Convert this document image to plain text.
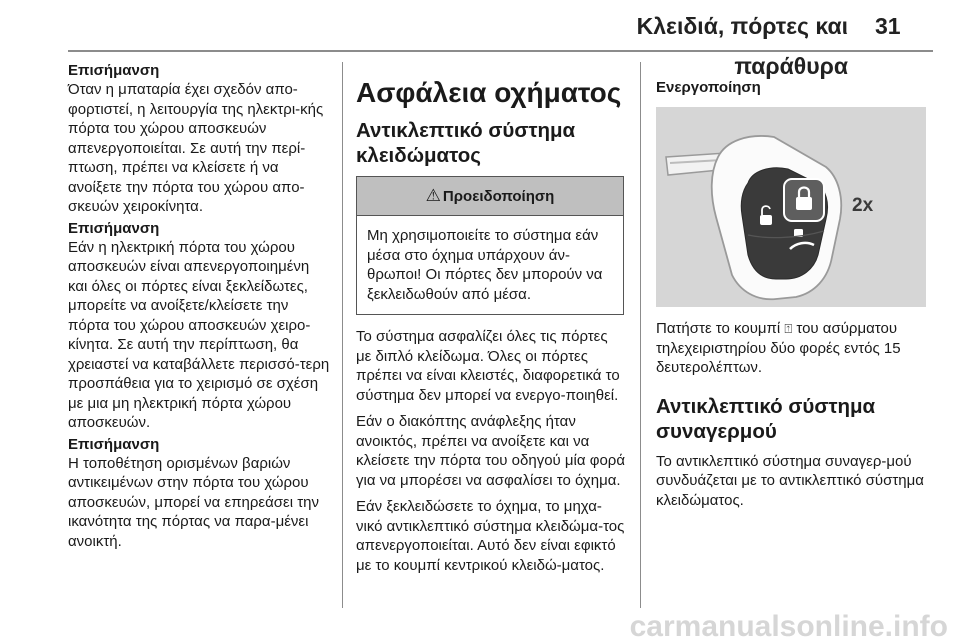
Κλειδιά, πόρτες και παράθυρα
31

Επισήμανση

Όταν η μπαταρία έχει σχεδόν απο-φορτιστεί, η λειτουργία της ηλεκτρι-κής πόρτα του χώρου αποσκευών απενεργοποιείται. Σε αυτή την περί-πτωση, πρέπει να κλείσετε ή να ανοίξετε την πόρτα του χώρου απο-σκευών χειροκίνητα.

Επισήμανση

Εάν η ηλεκτρική πόρτα του χώρου αποσκευών είναι απενεργοποιημένη και όλες οι πόρτες είναι ξεκλείδωτες, μπορείτε να ανοίξετε/κλείσετε την πόρτα του χώρου αποσκευών χειρο-κίνητα. Σε αυτή την περίπτωση, θα χρειαστεί να καταβάλλετε περισσό-τερη προσπάθεια για το χειρισμό σε σχέση με μια μη ηλεκτρική πόρτα χώρου αποσκευών.

Επισήμανση

Η τοποθέτηση ορισμένων βαριών αντικειμένων στην πόρτα του χώρου αποσκευών, μπορεί να επηρεάσει την ικανότητα της πόρτας να παρα-μένει ανοικτή.

Ασφάλεια οχήματος
Αντικλεπτικό σύστημα κλειδώματος
⚠ Προειδοποίηση
Μη χρησιμοποιείτε το σύστημα εάν μέσα στο όχημα υπάρχουν άν-θρωποι! Οι πόρτες δεν μπορούν να ξεκλειδωθούν από μέσα.

Το σύστημα ασφαλίζει όλες τις πόρτες με διπλό κλείδωμα. Όλες οι πόρτες πρέπει να είναι κλειστές, διαφορετικά το σύστημα δεν μπορεί να ενεργο-ποιηθεί.

Εάν ο διακόπτης ανάφλεξης ήταν ανοικτός, πρέπει να ανοίξετε και να κλείσετε την πόρτα του οδηγού μία φορά για να μπορέσει να ασφαλίσει το όχημα.

Εάν ξεκλειδώσετε το όχημα, το μηχα-νικό αντικλεπτικό σύστημα κλειδώμα-τος απενεργοποιείται. Αυτό δεν είναι εφικτό με το κουμπί κεντρικού κλειδώ-ματος.

Ενεργοποίηση
2x

Πατήστε το κουμπί ⍐ του ασύρματου τηλεχειριστηρίου δύο φορές εντός 15 δευτερολέπτων.

Αντικλεπτικό σύστημα συναγερμού

Το αντικλεπτικό σύστημα συναγερ-μού συνδυάζεται με το αντικλεπτικό σύστημα κλειδώματος.

carmanualsonline.info
